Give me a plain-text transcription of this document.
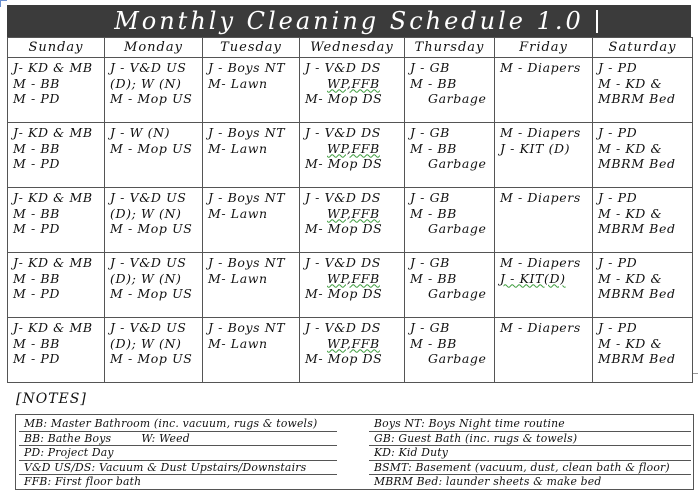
Monthly Cleaning Schedule 1.0
Sunday	Monday	Tuesday	Wednesday	Thursday	Friday	Saturday

J- KD & MB
M - BB
M - PD	J - V&D US
(D); W (N)
M - Mop US	J - Boys NT
M- Lawn	J - V&D DS
WP,FFB
M- Mop DS	J - GB
M - BB
Garbage	M - Diapers	J - PD
M - KD &
MBRM Bed

J- KD & MB
M - BB
M - PD	J - W (N)
M - Mop US	J - Boys NT
M- Lawn	J - V&D DS
WP,FFB
M- Mop DS	J - GB
M - BB
Garbage	M - Diapers
J - KIT (D)	J - PD
M - KD &
MBRM Bed

J- KD & MB
M - BB
M - PD	J - V&D US
(D); W (N)
M - Mop US	J - Boys NT
M- Lawn	J - V&D DS
WP,FFB
M- Mop DS	J - GB
M - BB
Garbage	M - Diapers	J - PD
M - KD &
MBRM Bed

J- KD & MB
M - BB
M - PD	J - V&D US
(D); W (N)
M - Mop US	J - Boys NT
M- Lawn	J - V&D DS
WP,FFB
M- Mop DS	J - GB
M - BB
Garbage	M - Diapers
J - KIT(D)	J - PD
M - KD &
MBRM Bed

J- KD & MB
M - BB
M - PD	J - V&D US
(D); W (N)
M - Mop US	J - Boys NT
M- Lawn	J - V&D DS
WP,FFB
M- Mop DS	J - GB
M - BB
Garbage	M - Diapers	J - PD
M - KD &
MBRM Bed
[NOTES]
MB: Master Bathroom (inc. vacuum, rugs & towels)
BB: Bathe Boys	W: Weed
PD: Project Day
V&D US/DS: Vacuum & Dust Upstairs/Downstairs
FFB: First floor bath
Boys NT: Boys Night time routine
GB: Guest Bath (inc. rugs & towels)
KD: Kid Duty
BSMT: Basement (vacuum, dust, clean bath & floor)
MBRM Bed: launder sheets & make bed
